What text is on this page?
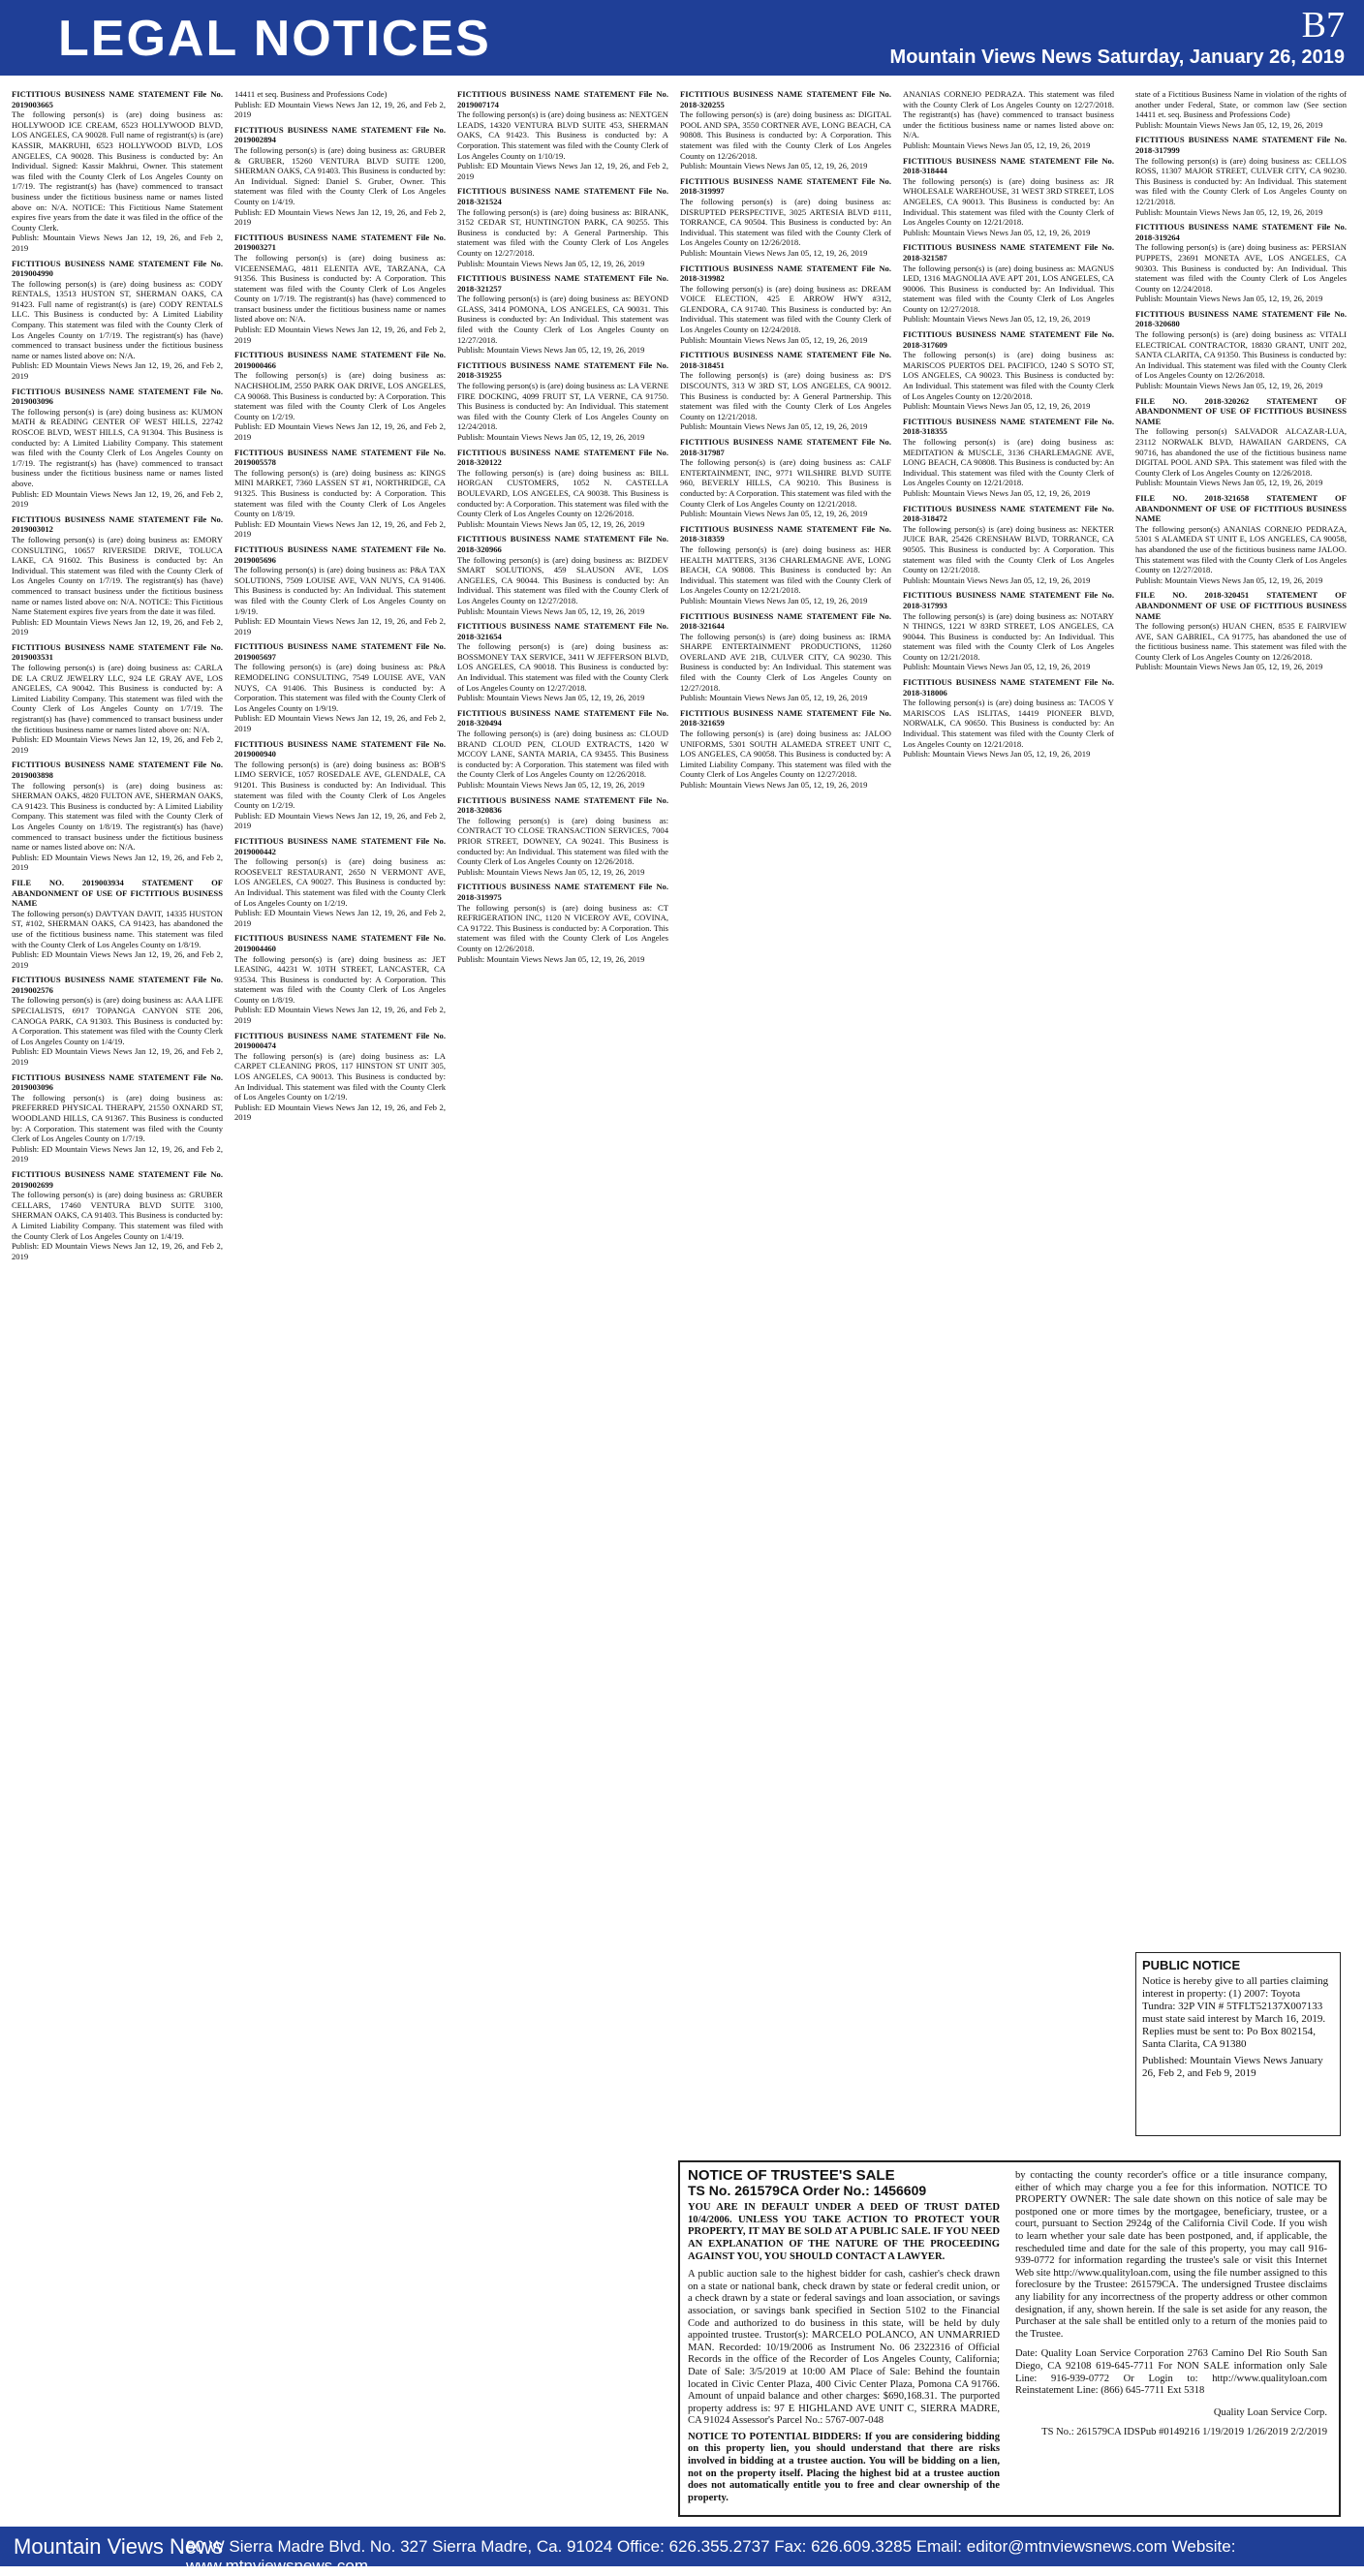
LEGAL NOTICES	B7
Mountain Views News Saturday, January 26, 2019
FICTITIOUS BUSINESS NAME STATEMENT File No. 2019003665
The following person(s) is (are) doing business as: HOLLYWOOD ICE CREAM, 6523 HOLLYWOOD BLVD, LOS ANGELES, CA 90028. Full name of registrant(s) is (are) KASSIR, MAKRUHI, 6523 HOLLYWOOD BLVD, LOS ANGELES, CA 90028. This Business is conducted by: An Individual. Signed: Kassir Makhrui, Owner. This statement was filed with the County Clerk of Los Angeles County on 1/7/19. The registrant(s) has (have) commenced to transact business under the fictitious business name or names listed above on: N/A. NOTICE: This Fictitious Name Statement expires five years from the date it was filed in the office of the County Clerk.
Publish: Mountain Views News Jan 12, 19, 26, and Feb 2, 2019
FICTITIOUS BUSINESS NAME STATEMENT File No. 2019004990
The following person(s) is (are) doing business as: CODY RENTALS, 13513 HUSTON ST, SHERMAN OAKS, CA 91423. Full name of registrant(s) is (are) CODY RENTALS LLC. This Business is conducted by: A Limited Liability Company. This statement was filed with the County Clerk of Los Angeles County on 1/7/19. The registrant(s) has (have) commenced to transact business under the fictitious business name or names listed above on: N/A.
Publish: ED Mountain Views News Jan 12, 19, 26, and Feb 2, 2019
FICTITIOUS BUSINESS NAME STATEMENT File No. 2019003096
The following person(s) is (are) doing business as: KUMON MATH & READING CENTER OF WEST HILLS, 22742 ROSCOE BLVD, WEST HILLS, CA 91304. This Business is conducted by: A Limited Liability Company. This statement was filed with the County Clerk of Los Angeles County on 1/7/19. The registrant(s) has (have) commenced to transact business under the fictitious business name or names listed above.
Publish: ED Mountain Views News Jan 12, 19, 26, and Feb 2, 2019
FICTITIOUS BUSINESS NAME STATEMENT File No. 2019003012
The following person(s) is (are) doing business as: EMORY CONSULTING, 10657 RIVERSIDE DRIVE, TOLUCA LAKE, CA 91602. This Business is conducted by: An Individual. This statement was filed with the County Clerk of Los Angeles County on 1/7/19. The registrant(s) has (have) commenced to transact business under the fictitious business name or names listed above on: N/A. NOTICE: This Fictitious Name Statement expires five years from the date it was filed.
Publish: ED Mountain Views News Jan 12, 19, 26, and Feb 2, 2019
FICTITIOUS BUSINESS NAME STATEMENT File No. 2019003531
The following person(s) is (are) doing business as: CARLA DE LA CRUZ JEWELRY LLC, 924 LE GRAY AVE, LOS ANGELES, CA 90042. This Business is conducted by: A Limited Liability Company. This statement was filed with the County Clerk of Los Angeles County on 1/7/19. The registrant(s) has (have) commenced to transact business under the fictitious business name or names listed above on: N/A.
Publish: ED Mountain Views News Jan 12, 19, 26, and Feb 2, 2019
FICTITIOUS BUSINESS NAME STATEMENT File No. 2019003898
The following person(s) is (are) doing business as: SHERMAN OAKS, 4820 FULTON AVE, SHERMAN OAKS, CA 91423. This Business is conducted by: A Limited Liability Company. This statement was filed with the County Clerk of Los Angeles County on 1/8/19. The registrant(s) has (have) commenced to transact business under the fictitious business name or names listed above on: N/A.
Publish: ED Mountain Views News Jan 12, 19, 26, and Feb 2, 2019
FILE NO. 2019003934 STATEMENT OF ABANDONMENT OF USE OF FICTITIOUS BUSINESS NAME
The following person(s) DAVTYAN DAVIT, 14335 HUSTON ST, #102, SHERMAN OAKS, CA 91423, has abandoned the use of the fictitious business name. This statement was filed with the County Clerk of Los Angeles County on 1/8/19.
Publish: ED Mountain Views News Jan 12, 19, 26, and Feb 2, 2019
FICTITIOUS BUSINESS NAME STATEMENT File No. 2019002576
The following person(s) is (are) doing business as: AAA LIFE SPECIALISTS, 6917 TOPANGA CANYON STE 206, CANOGA PARK, CA 91303. This Business is conducted by: A Corporation. This statement was filed with the County Clerk of Los Angeles County on 1/4/19.
Publish: ED Mountain Views News Jan 12, 19, 26, and Feb 2, 2019
FICTITIOUS BUSINESS NAME STATEMENT File No. 2019003096
The following person(s) is (are) doing business as: PREFERRED PHYSICAL THERAPY, 21550 OXNARD ST, WOODLAND HILLS, CA 91367. This Business is conducted by: A Corporation. This statement was filed with the County Clerk of Los Angeles County on 1/7/19.
Publish: ED Mountain Views News Jan 12, 19, 26, and Feb 2, 2019
FICTITIOUS BUSINESS NAME STATEMENT File No. 2019002699
The following person(s) is (are) doing business as: GRUBER CELLARS, 17460 VENTURA BLVD SUITE 3100, SHERMAN OAKS, CA 91403. This Business is conducted by: A Limited Liability Company. This statement was filed with the County Clerk of Los Angeles County on 1/4/19.
Publish: ED Mountain Views News Jan 12, 19, 26, and Feb 2, 2019
14411 et seq. Business and Professions Code)
Publish: ED Mountain Views News Jan 12, 19, 26, and Feb 2, 2019
FICTITIOUS BUSINESS NAME STATEMENT File No. 2019002894
The following person(s) is (are) doing business as: GRUBER & GRUBER, 15260 VENTURA BLVD SUITE 1200, SHERMAN OAKS, CA 91403. This Business is conducted by: An Individual. Signed: Daniel S. Gruber, Owner. This statement was filed with the County Clerk of Los Angeles County on 1/4/19.
Publish: ED Mountain Views News Jan 12, 19, 26, and Feb 2, 2019
FICTITIOUS BUSINESS NAME STATEMENT File No. 2019003271
The following person(s) is (are) doing business as: VICEENSEMAG, 4811 ELENITA AVE, TARZANA, CA 91356. This Business is conducted by: A Corporation. This statement was filed with the County Clerk of Los Angeles County on 1/7/19. The registrant(s) has (have) commenced to transact business under the fictitious business name or names listed above on: N/A.
Publish: ED Mountain Views News Jan 12, 19, 26, and Feb 2, 2019
FICTITIOUS BUSINESS NAME STATEMENT File No. 2019000466
The following person(s) is (are) doing business as: NACHSHOLIM, 2550 PARK OAK DRIVE, LOS ANGELES, CA 90068. This Business is conducted by: A Corporation. This statement was filed with the County Clerk of Los Angeles County on 1/2/19.
Publish: ED Mountain Views News Jan 12, 19, 26, and Feb 2, 2019
FICTITIOUS BUSINESS NAME STATEMENT File No. 2019005578
The following person(s) is (are) doing business as: KINGS MINI MARKET, 7360 LASSEN ST #1, NORTHRIDGE, CA 91325. This Business is conducted by: A Corporation. This statement was filed with the County Clerk of Los Angeles County on 1/8/19.
Publish: ED Mountain Views News Jan 12, 19, 26, and Feb 2, 2019
FICTITIOUS BUSINESS NAME STATEMENT File No. 2019005696
The following person(s) is (are) doing business as: P&A TAX SOLUTIONS, 7509 LOUISE AVE, VAN NUYS, CA 91406. This Business is conducted by: An Individual. This statement was filed with the County Clerk of Los Angeles County on 1/9/19.
Publish: ED Mountain Views News Jan 12, 19, 26, and Feb 2, 2019
FICTITIOUS BUSINESS NAME STATEMENT File No. 2019005697
The following person(s) is (are) doing business as: P&A REMODELING CONSULTING, 7549 LOUISE AVE, VAN NUYS, CA 91406. This Business is conducted by: A Corporation. This statement was filed with the County Clerk of Los Angeles County on 1/9/19.
Publish: ED Mountain Views News Jan 12, 19, 26, and Feb 2, 2019
FICTITIOUS BUSINESS NAME STATEMENT File No. 2019000940
The following person(s) is (are) doing business as: BOB'S LIMO SERVICE, 1057 ROSEDALE AVE, GLENDALE, CA 91201. This Business is conducted by: An Individual. This statement was filed with the County Clerk of Los Angeles County on 1/2/19.
Publish: ED Mountain Views News Jan 12, 19, 26, and Feb 2, 2019
FICTITIOUS BUSINESS NAME STATEMENT File No. 2019000442
The following person(s) is (are) doing business as: ROOSEVELT RESTAURANT, 2650 N VERMONT AVE, LOS ANGELES, CA 90027. This Business is conducted by: An Individual. This statement was filed with the County Clerk of Los Angeles County on 1/2/19.
Publish: ED Mountain Views News Jan 12, 19, 26, and Feb 2, 2019
FICTITIOUS BUSINESS NAME STATEMENT File No. 2019004460
The following person(s) is (are) doing business as: JET LEASING, 44231 W. 10TH STREET, LANCASTER, CA 93534. This Business is conducted by: A Corporation. This statement was filed with the County Clerk of Los Angeles County on 1/8/19.
Publish: ED Mountain Views News Jan 12, 19, 26, and Feb 2, 2019
FICTITIOUS BUSINESS NAME STATEMENT File No. 2019000474
The following person(s) is (are) doing business as: LA CARPET CLEANING PROS, 117 HINSTON ST UNIT 305, LOS ANGELES, CA 90013. This Business is conducted by: An Individual. This statement was filed with the County Clerk of Los Angeles County on 1/2/19.
Publish: ED Mountain Views News Jan 12, 19, 26, and Feb 2, 2019
FICTITIOUS BUSINESS NAME STATEMENT File No. 2019007174
The following person(s) is (are) doing business as: NEXTGEN LEADS, 14320 VENTURA BLVD SUITE 453, SHERMAN OAKS, CA 91423. This Business is conducted by: A Corporation. This statement was filed with the County Clerk of Los Angeles County on 1/10/19.
Publish: ED Mountain Views News Jan 12, 19, 26, and Feb 2, 2019
FICTITIOUS BUSINESS NAME STATEMENT File No. 2018-321524
The following person(s) is (are) doing business as: BIRANK, 3152 CEDAR ST, HUNTINGTON PARK, CA 90255. This Business is conducted by: A General Partnership. This statement was filed with the County Clerk of Los Angeles County on 12/27/2018.
Publish: Mountain Views News Jan 05, 12, 19, 26, 2019
FICTITIOUS BUSINESS NAME STATEMENT File No. 2018-321257
The following person(s) is (are) doing business as: BEYOND GLASS, 3414 POMONA, LOS ANGELES, CA 90031. This Business is conducted by: An Individual. This statement was filed with the County Clerk of Los Angeles County on 12/27/2018.
Publish: Mountain Views News Jan 05, 12, 19, 26, 2019
FICTITIOUS BUSINESS NAME STATEMENT File No. 2018-319255
The following person(s) is (are) doing business as: LA VERNE FIRE DOCKING, 4099 FRUIT ST, LA VERNE, CA 91750. This Business is conducted by: An Individual. This statement was filed with the County Clerk of Los Angeles County on 12/24/2018.
Publish: Mountain Views News Jan 05, 12, 19, 26, 2019
FICTITIOUS BUSINESS NAME STATEMENT File No. 2018-320122
The following person(s) is (are) doing business as: BILL HORGAN CUSTOMERS, 1052 N. CASTELLA BOULEVARD, LOS ANGELES, CA 90038. This Business is conducted by: A Corporation. This statement was filed with the County Clerk of Los Angeles County on 12/26/2018.
Publish: Mountain Views News Jan 05, 12, 19, 26, 2019
FICTITIOUS BUSINESS NAME STATEMENT File No. 2018-320966
The following person(s) is (are) doing business as: BIZDEV SMART SOLUTIONS, 459 SLAUSON AVE, LOS ANGELES, CA 90044. This Business is conducted by: An Individual. This statement was filed with the County Clerk of Los Angeles County on 12/27/2018.
Publish: Mountain Views News Jan 05, 12, 19, 26, 2019
FICTITIOUS BUSINESS NAME STATEMENT File No. 2018-321654
The following person(s) is (are) doing business as: BOSSMONEY TAX SERVICE, 3411 W JEFFERSON BLVD, LOS ANGELES, CA 90018. This Business is conducted by: An Individual. This statement was filed with the County Clerk of Los Angeles County on 12/27/2018.
Publish: Mountain Views News Jan 05, 12, 19, 26, 2019
FICTITIOUS BUSINESS NAME STATEMENT File No. 2018-320494
The following person(s) is (are) doing business as: CLOUD BRAND CLOUD PEN, CLOUD EXTRACTS, 1420 W MCCOY LANE, SANTA MARIA, CA 93455. This Business is conducted by: A Corporation. This statement was filed with the County Clerk of Los Angeles County on 12/26/2018.
Publish: Mountain Views News Jan 05, 12, 19, 26, 2019
FICTITIOUS BUSINESS NAME STATEMENT File No. 2018-320836
The following person(s) is (are) doing business as: CONTRACT TO CLOSE TRANSACTION SERVICES, 7004 PRIOR STREET, DOWNEY, CA 90241. This Business is conducted by: An Individual. This statement was filed with the County Clerk of Los Angeles County on 12/26/2018.
Publish: Mountain Views News Jan 05, 12, 19, 26, 2019
FICTITIOUS BUSINESS NAME STATEMENT File No. 2018-319975
The following person(s) is (are) doing business as: CT REFRIGERATION INC, 1120 N VICEROY AVE, COVINA, CA 91722. This Business is conducted by: A Corporation. This statement was filed with the County Clerk of Los Angeles County on 12/26/2018.
Publish: Mountain Views News Jan 05, 12, 19, 26, 2019
FICTITIOUS BUSINESS NAME STATEMENT File No. 2018-320255
The following person(s) is (are) doing business as: DIGITAL POOL AND SPA, 3550 CORTNER AVE, LONG BEACH, CA 90808. This Business is conducted by: A Corporation. This statement was filed with the County Clerk of Los Angeles County on 12/26/2018.
Publish: Mountain Views News Jan 05, 12, 19, 26, 2019
FICTITIOUS BUSINESS NAME STATEMENT File No. 2018-319997
The following person(s) is (are) doing business as: DISRUPTED PERSPECTIVE, 3025 ARTESIA BLVD #111, TORRANCE, CA 90504. This Business is conducted by: An Individual. This statement was filed with the County Clerk of Los Angeles County on 12/26/2018.
Publish: Mountain Views News Jan 05, 12, 19, 26, 2019
FICTITIOUS BUSINESS NAME STATEMENT File No. 2018-319982
The following person(s) is (are) doing business as: DREAM VOICE ELECTION, 425 E ARROW HWY #312, GLENDORA, CA 91740. This Business is conducted by: An Individual. This statement was filed with the County Clerk of Los Angeles County on 12/24/2018.
Publish: Mountain Views News Jan 05, 12, 19, 26, 2019
FICTITIOUS BUSINESS NAME STATEMENT File No. 2018-318451
The following person(s) is (are) doing business as: D'S DISCOUNTS, 313 W 3RD ST, LOS ANGELES, CA 90012. This Business is conducted by: A General Partnership. This statement was filed with the County Clerk of Los Angeles County on 12/21/2018.
Publish: Mountain Views News Jan 05, 12, 19, 26, 2019
FICTITIOUS BUSINESS NAME STATEMENT File No. 2018-317987
The following person(s) is (are) doing business as: CALF ENTERTAINMENT, INC, 9771 WILSHIRE BLVD SUITE 960, BEVERLY HILLS, CA 90210. This Business is conducted by: A Corporation. This statement was filed with the County Clerk of Los Angeles County on 12/21/2018.
Publish: Mountain Views News Jan 05, 12, 19, 26, 2019
FICTITIOUS BUSINESS NAME STATEMENT File No. 2018-318359
The following person(s) is (are) doing business as: HER HEALTH MATTERS, 3136 CHARLEMAGNE AVE, LONG BEACH, CA 90808. This Business is conducted by: An Individual. This statement was filed with the County Clerk of Los Angeles County on 12/21/2018.
Publish: Mountain Views News Jan 05, 12, 19, 26, 2019
FICTITIOUS BUSINESS NAME STATEMENT File No. 2018-321644
The following person(s) is (are) doing business as: IRMA SHARPE ENTERTAINMENT PRODUCTIONS, 11260 OVERLAND AVE 21B, CULVER CITY, CA 90230. This Business is conducted by: An Individual. This statement was filed with the County Clerk of Los Angeles County on 12/27/2018.
Publish: Mountain Views News Jan 05, 12, 19, 26, 2019
FICTITIOUS BUSINESS NAME STATEMENT File No. 2018-321659
The following person(s) is (are) doing business as: JALOO UNIFORMS, 5301 SOUTH ALAMEDA STREET UNIT C, LOS ANGELES, CA 90058. This Business is conducted by: A Limited Liability Company. This statement was filed with the County Clerk of Los Angeles County on 12/27/2018.
Publish: Mountain Views News Jan 05, 12, 19, 26, 2019
ANANIAS CORNEJO PEDRAZA. This statement was filed with the County Clerk of Los Angeles County on 12/27/2018. The registrant(s) has (have) commenced to transact business under the fictitious business name or names listed above on: N/A.
Publish: Mountain Views News Jan 05, 12, 19, 26, 2019
FICTITIOUS BUSINESS NAME STATEMENT File No. 2018-318444
The following person(s) is (are) doing business as: JR WHOLESALE WAREHOUSE, 31 WEST 3RD STREET, LOS ANGELES, CA 90013. This Business is conducted by: An Individual. This statement was filed with the County Clerk of Los Angeles County on 12/21/2018.
Publish: Mountain Views News Jan 05, 12, 19, 26, 2019
FICTITIOUS BUSINESS NAME STATEMENT File No. 2018-321587
The following person(s) is (are) doing business as: MAGNUS LED, 1316 MAGNOLIA AVE APT 201, LOS ANGELES, CA 90006. This Business is conducted by: An Individual. This statement was filed with the County Clerk of Los Angeles County on 12/27/2018.
Publish: Mountain Views News Jan 05, 12, 19, 26, 2019
FICTITIOUS BUSINESS NAME STATEMENT File No. 2018-317609
The following person(s) is (are) doing business as: MARISCOS PUERTOS DEL PACIFICO, 1240 S SOTO ST, LOS ANGELES, CA 90023. This Business is conducted by: An Individual. This statement was filed with the County Clerk of Los Angeles County on 12/20/2018.
Publish: Mountain Views News Jan 05, 12, 19, 26, 2019
FICTITIOUS BUSINESS NAME STATEMENT File No. 2018-318355
The following person(s) is (are) doing business as: MEDITATION & MUSCLE, 3136 CHARLEMAGNE AVE, LONG BEACH, CA 90808. This Business is conducted by: An Individual. This statement was filed with the County Clerk of Los Angeles County on 12/21/2018.
Publish: Mountain Views News Jan 05, 12, 19, 26, 2019
FICTITIOUS BUSINESS NAME STATEMENT File No. 2018-318472
The following person(s) is (are) doing business as: NEKTER JUICE BAR, 25426 CRENSHAW BLVD, TORRANCE, CA 90505. This Business is conducted by: A Corporation. This statement was filed with the County Clerk of Los Angeles County on 12/21/2018.
Publish: Mountain Views News Jan 05, 12, 19, 26, 2019
FICTITIOUS BUSINESS NAME STATEMENT File No. 2018-317993
The following person(s) is (are) doing business as: NOTARY N THINGS, 1221 W 83RD STREET, LOS ANGELES, CA 90044. This Business is conducted by: An Individual. This statement was filed with the County Clerk of Los Angeles County on 12/21/2018.
Publish: Mountain Views News Jan 05, 12, 19, 26, 2019
FICTITIOUS BUSINESS NAME STATEMENT File No. 2018-318006
The following person(s) is (are) doing business as: TACOS Y MARISCOS LAS ISLITAS, 14419 PIONEER BLVD, NORWALK, CA 90650. This Business is conducted by: An Individual. This statement was filed with the County Clerk of Los Angeles County on 12/21/2018.
Publish: Mountain Views News Jan 05, 12, 19, 26, 2019
state of a Fictitious Business Name in violation of the rights of another under Federal, State, or common law (See section 14411 et. seq. Business and Professions Code)
Publish: Mountain Views News Jan 05, 12, 19, 26, 2019
FICTITIOUS BUSINESS NAME STATEMENT File No. 2018-317999
The following person(s) is (are) doing business as: CELLOS ROSS, 11307 MAJOR STREET, CULVER CITY, CA 90230. This Business is conducted by: An Individual. This statement was filed with the County Clerk of Los Angeles County on 12/21/2018.
Publish: Mountain Views News Jan 05, 12, 19, 26, 2019
FICTITIOUS BUSINESS NAME STATEMENT File No. 2018-319264
The following person(s) is (are) doing business as: PERSIAN PUPPETS, 23691 MONETA AVE, LOS ANGELES, CA 90303. This Business is conducted by: An Individual. This statement was filed with the County Clerk of Los Angeles County on 12/24/2018.
Publish: Mountain Views News Jan 05, 12, 19, 26, 2019
FICTITIOUS BUSINESS NAME STATEMENT File No. 2018-320680
The following person(s) is (are) doing business as: VITALI ELECTRICAL CONTRACTOR, 18830 GRANT, UNIT 202, SANTA CLARITA, CA 91350. This Business is conducted by: An Individual. This statement was filed with the County Clerk of Los Angeles County on 12/26/2018.
Publish: Mountain Views News Jan 05, 12, 19, 26, 2019
FILE NO. 2018-320262 STATEMENT OF ABANDONMENT OF USE OF FICTITIOUS BUSINESS NAME
The following person(s) SALVADOR ALCAZAR-LUA, 23112 NORWALK BLVD, HAWAIIAN GARDENS, CA 90716, has abandoned the use of the fictitious business name DIGITAL POOL AND SPA. This statement was filed with the County Clerk of Los Angeles County on 12/26/2018.
Publish: Mountain Views News Jan 05, 12, 19, 26, 2019
FILE NO. 2018-321658 STATEMENT OF ABANDONMENT OF USE OF FICTITIOUS BUSINESS NAME
The following person(s) ANANIAS CORNEJO PEDRAZA, 5301 S ALAMEDA ST UNIT E, LOS ANGELES, CA 90058, has abandoned the use of the fictitious business name JALOO. This statement was filed with the County Clerk of Los Angeles County on 12/27/2018.
Publish: Mountain Views News Jan 05, 12, 19, 26, 2019
FILE NO. 2018-320451 STATEMENT OF ABANDONMENT OF USE OF FICTITIOUS BUSINESS NAME
The following person(s) HUAN CHEN, 8535 E FAIRVIEW AVE, SAN GABRIEL, CA 91775, has abandoned the use of the fictitious business name. This statement was filed with the County Clerk of Los Angeles County on 12/26/2018.
Publish: Mountain Views News Jan 05, 12, 19, 26, 2019
PUBLIC NOTICE
Notice is hereby give to all parties claiming interest in property: (1) 2007: Toyota Tundra: 32P VIN # 5TFLT52137X007133 must state said interest by March 16, 2019. Replies must be sent to: Po Box 802154, Santa Clarita, CA 91380
Published: Mountain Views News January 26, Feb 2, and Feb 9, 2019
NOTICE OF TRUSTEE'S SALE
TS No. 261579CA Order No.: 1456609
YOU ARE IN DEFAULT UNDER A DEED OF TRUST DATED 10/4/2006. UNLESS YOU TAKE ACTION TO PROTECT YOUR PROPERTY, IT MAY BE SOLD AT A PUBLIC SALE. IF YOU NEED AN EXPLANATION OF THE NATURE OF THE PROCEEDING AGAINST YOU, YOU SHOULD CONTACT A LAWYER.
A public auction sale to the highest bidder for cash, cashier's check drawn on a state or national bank, check drawn by state or federal credit union, or a check drawn by a state or federal savings and loan association, or savings association, or savings bank specified in Section 5102 to the Financial Code and authorized to do business in this state, will be held by duly appointed trustee. Trustor(s): MARCELO POLANCO, AN UNMARRIED MAN. Recorded: 10/19/2006 as Instrument No. 06 2322316 of Official Records in the office of the Recorder of Los Angeles County, California; Date of Sale: 3/5/2019 at 10:00 AM Place of Sale: Behind the fountain located in Civic Center Plaza, 400 Civic Center Plaza, Pomona CA 91766. Amount of unpaid balance and other charges: $690,168.31. The purported property address is: 97 E HIGHLAND AVE UNIT C, SIERRA MADRE, CA 91024 Assessor's Parcel No.: 5767-007-048
NOTICE TO POTENTIAL BIDDERS: If you are considering bidding on this property lien, you should understand that there are risks involved in bidding at a trustee auction. You will be bidding on a lien, not on the property itself. Placing the highest bid at a trustee auction does not automatically entitle you to free and clear ownership of the property.
by contacting the county recorder's office or a title insurance company, either of which may charge you a fee for this information. NOTICE TO PROPERTY OWNER: The sale date shown on this notice of sale may be postponed one or more times by the mortgagee, beneficiary, trustee, or a court, pursuant to Section 2924g of the California Civil Code. If you wish to learn whether your sale date has been postponed, and, if applicable, the rescheduled time and date for the sale of this property, you may call 916-939-0772 for information regarding the trustee's sale or visit this Internet Web site http://www.qualityloan.com, using the file number assigned to this foreclosure by the Trustee: 261579CA. The undersigned Trustee disclaims any liability for any incorrectness of the property address or other common designation, if any, shown herein. If the sale is set aside for any reason, the Purchaser at the sale shall be entitled only to a return of the monies paid to the Trustee.
Date: Quality Loan Service Corporation 2763 Camino Del Rio South San Diego, CA 92108 619-645-7711 For NON SALE information only Sale Line: 916-939-0772 Or Login to: http://www.qualityloan.com Reinstatement Line: (866) 645-7711 Ext 5318
Quality Loan Service Corp.
TS No.: 261579CA IDSPub #0149216 1/19/2019 1/26/2019 2/2/2019
Mountain Views News
80 W Sierra Madre Blvd. No. 327 Sierra Madre, Ca. 91024 Office: 626.355.2737 Fax: 626.609.3285 Email: editor@mtnviewsnews.com Website: www.mtnviewsnews.com
